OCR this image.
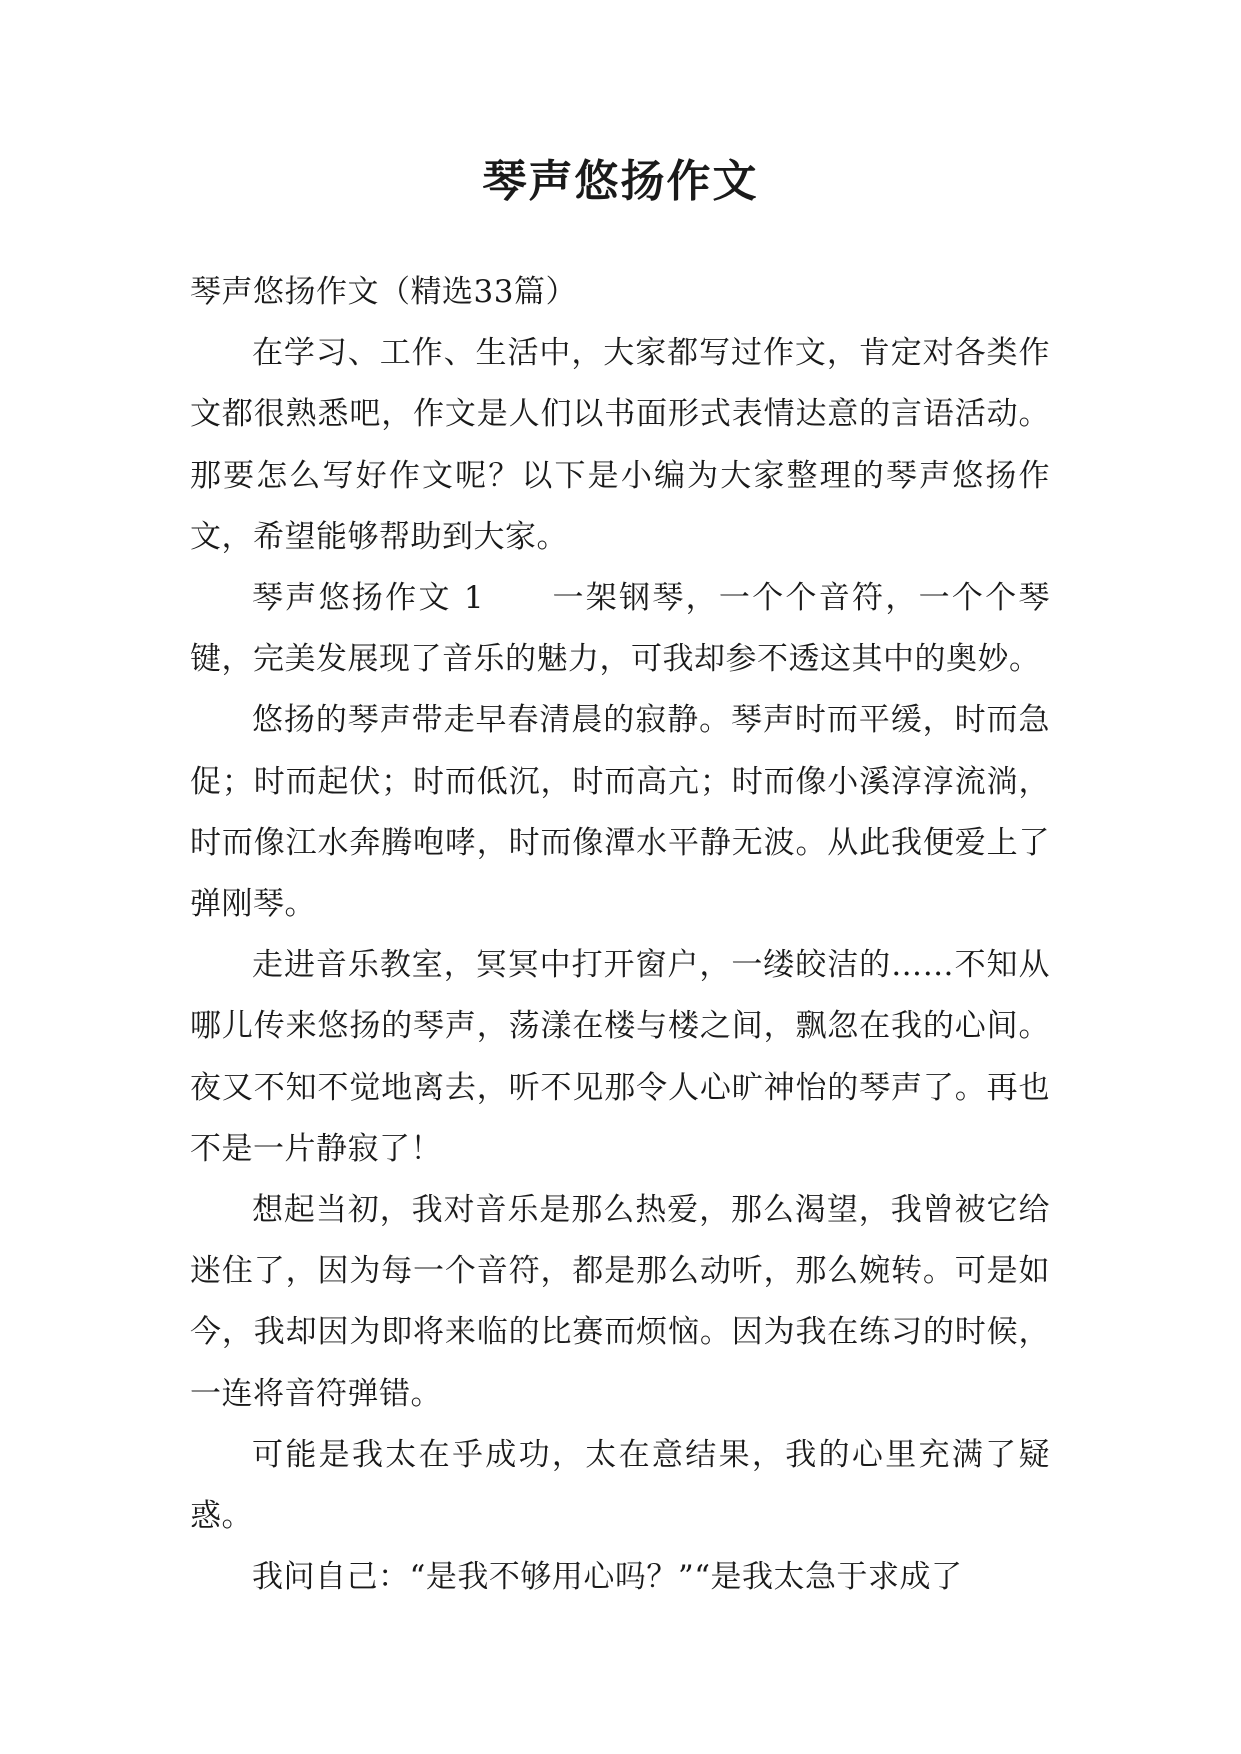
琴声悠扬作文

琴声悠扬作文（精选33篇）

在学习、工作、生活中，大家都写过作文，肯定对各类作文都很熟悉吧，作文是人们以书面形式表情达意的言语活动。那要怎么写好作文呢？以下是小编为大家整理的琴声悠扬作文，希望能够帮助到大家。

琴声悠扬作文 1　　一架钢琴，一个个音符，一个个琴键，完美发展现了音乐的魅力，可我却参不透这其中的奥妙。

悠扬的琴声带走早春清晨的寂静。琴声时而平缓，时而急促；时而起伏；时而低沉，时而高亢；时而像小溪淳淳流淌，时而像江水奔腾咆哮，时而像潭水平静无波。从此我便爱上了弹刚琴。

走进音乐教室，冥冥中打开窗户，一缕皎洁的……不知从哪儿传来悠扬的琴声，荡漾在楼与楼之间，飘忽在我的心间。夜又不知不觉地离去，听不见那令人心旷神怡的琴声了。再也不是一片静寂了！

想起当初，我对音乐是那么热爱，那么渴望，我曾被它给迷住了，因为每一个音符，都是那么动听，那么婉转。可是如今，我却因为即将来临的比赛而烦恼。因为我在练习的时候，一连将音符弹错。

可能是我太在乎成功，太在意结果，我的心里充满了疑惑。

我问自己：“是我不够用心吗？”“是我太急于求成了
